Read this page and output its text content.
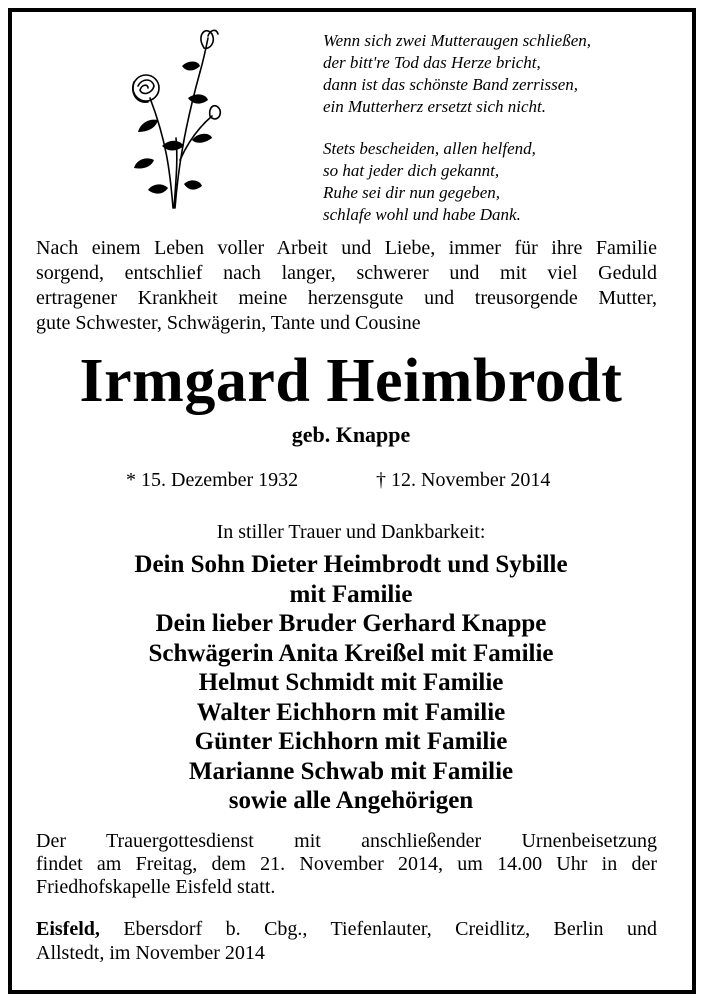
Wenn sich zwei Mutteraugen schließen,
der bitt're Tod das Herze bricht,
dann ist das schönste Band zerrissen,
ein Mutterherz ersetzt sich nicht.
Stets bescheiden, allen helfend,
so hat jeder dich gekannt,
Ruhe sei dir nun gegeben,
schlafe wohl und habe Dank.
Nach einem Leben voller Arbeit und Liebe, immer für ihre Familie
sorgend, entschlief nach langer, schwerer und mit viel Geduld
ertragener Krankheit meine herzensgute und treusorgende Mutter,
gute Schwester, Schwägerin, Tante und Cousine
Irmgard Heimbrodt
geb. Knappe
* 15. Dezember 1932	† 12. November 2014
In stiller Trauer und Dankbarkeit:
Dein Sohn Dieter Heimbrodt und Sybille
mit Familie
Dein lieber Bruder Gerhard Knappe
Schwägerin Anita Kreißel mit Familie
Helmut Schmidt mit Familie
Walter Eichhorn mit Familie
Günter Eichhorn mit Familie
Marianne Schwab mit Familie
sowie alle Angehörigen
Der Trauergottesdienst mit anschließender Urnenbeisetzung
findet am Freitag, dem 21. November 2014, um 14.00 Uhr in der
Friedhofskapelle Eisfeld statt.
Eisfeld, Ebersdorf b. Cbg., Tiefenlauter, Creidlitz, Berlin und
Allstedt, im November 2014
